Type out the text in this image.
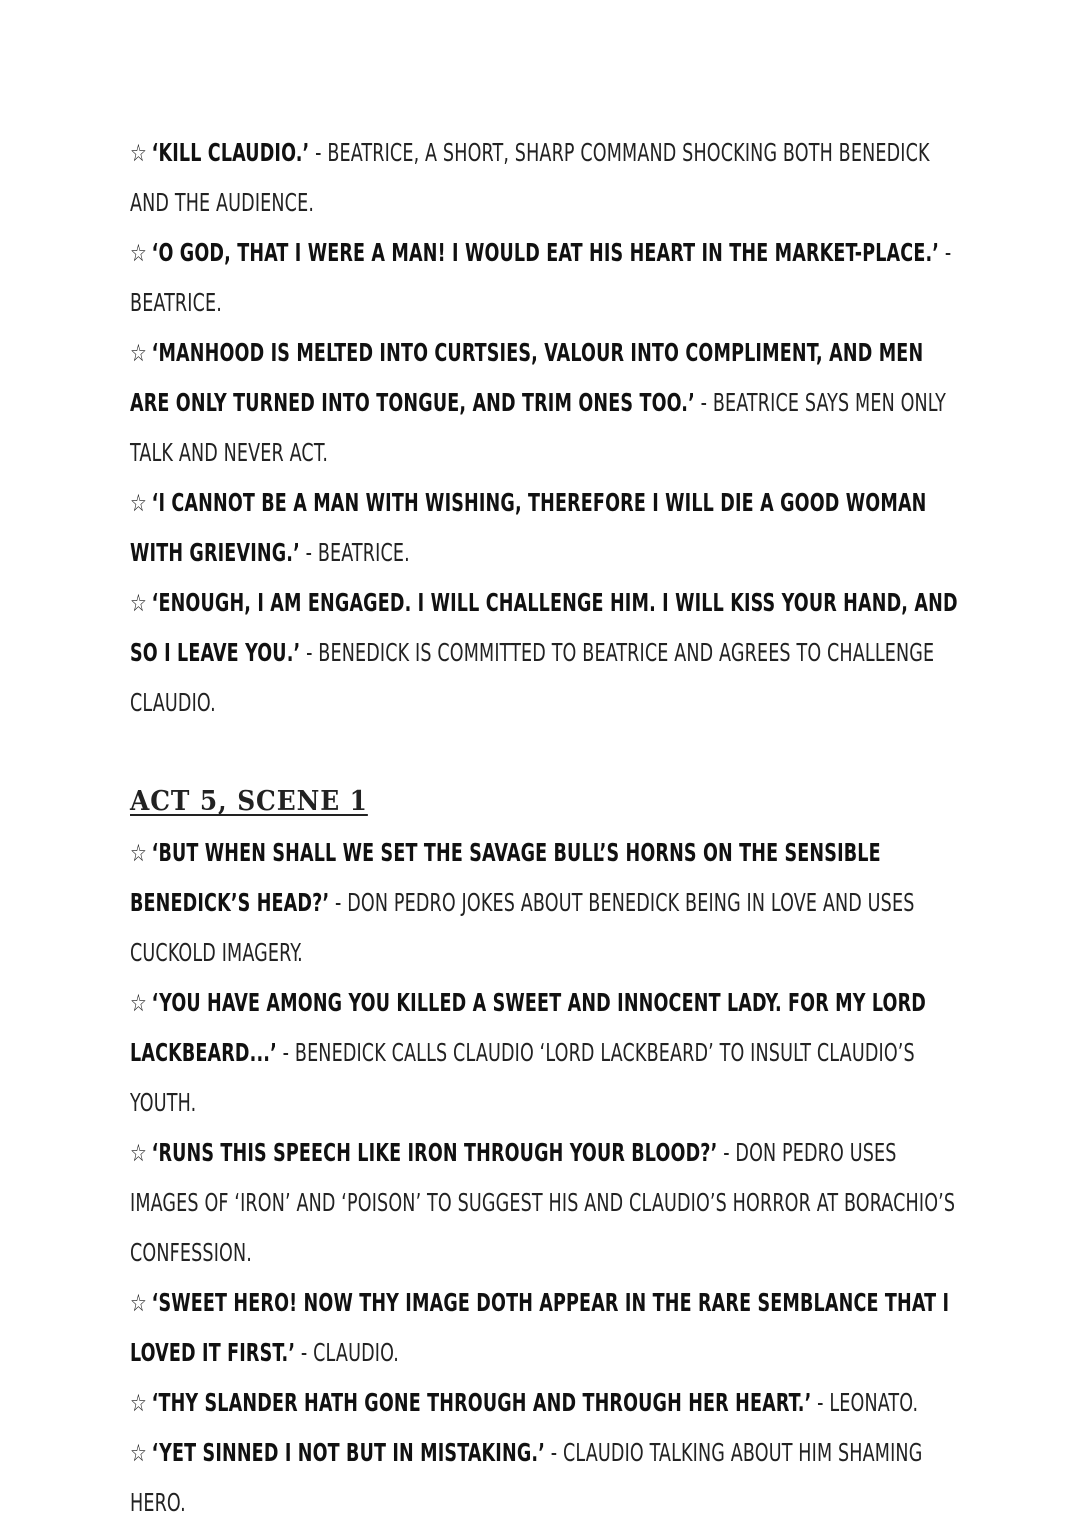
☆ ‘KILL CLAUDIO.’ - BEATRICE, A SHORT, SHARP COMMAND SHOCKING BOTH BENEDICK AND THE AUDIENCE.
☆ ‘O GOD, THAT I WERE A MAN! I WOULD EAT HIS HEART IN THE MARKET-PLACE.’ - BEATRICE.
☆ ‘MANHOOD IS MELTED INTO CURTSIES, VALOUR INTO COMPLIMENT, AND MEN ARE ONLY TURNED INTO TONGUE, AND TRIM ONES TOO.’ - BEATRICE SAYS MEN ONLY TALK AND NEVER ACT.
☆ ‘I CANNOT BE A MAN WITH WISHING, THEREFORE I WILL DIE A GOOD WOMAN WITH GRIEVING.’ - BEATRICE.
☆ ‘ENOUGH, I AM ENGAGED. I WILL CHALLENGE HIM. I WILL KISS YOUR HAND, AND SO I LEAVE YOU.’ - BENEDICK IS COMMITTED TO BEATRICE AND AGREES TO CHALLENGE CLAUDIO.
ACT 5, SCENE 1
☆ ‘BUT WHEN SHALL WE SET THE SAVAGE BULL’S HORNS ON THE SENSIBLE BENEDICK’S HEAD?’ - DON PEDRO JOKES ABOUT BENEDICK BEING IN LOVE AND USES CUCKOLD IMAGERY.
☆ ‘YOU HAVE AMONG YOU KILLED A SWEET AND INNOCENT LADY. FOR MY LORD LACKBEARD...’ - BENEDICK CALLS CLAUDIO ‘LORD LACKBEARD’ TO INSULT CLAUDIO’S YOUTH.
☆ ‘RUNS THIS SPEECH LIKE IRON THROUGH YOUR BLOOD?’ - DON PEDRO USES IMAGES OF ‘IRON’ AND ‘POISON’ TO SUGGEST HIS AND CLAUDIO’S HORROR AT BORACHIO’S CONFESSION.
☆ ‘SWEET HERO! NOW THY IMAGE DOTH APPEAR IN THE RARE SEMBLANCE THAT I LOVED IT FIRST.’ - CLAUDIO.
☆ ‘THY SLANDER HATH GONE THROUGH AND THROUGH HER HEART.’ - LEONATO.
☆ ‘YET SINNED I NOT BUT IN MISTAKING.’ - CLAUDIO TALKING ABOUT HIM SHAMING HERO.
